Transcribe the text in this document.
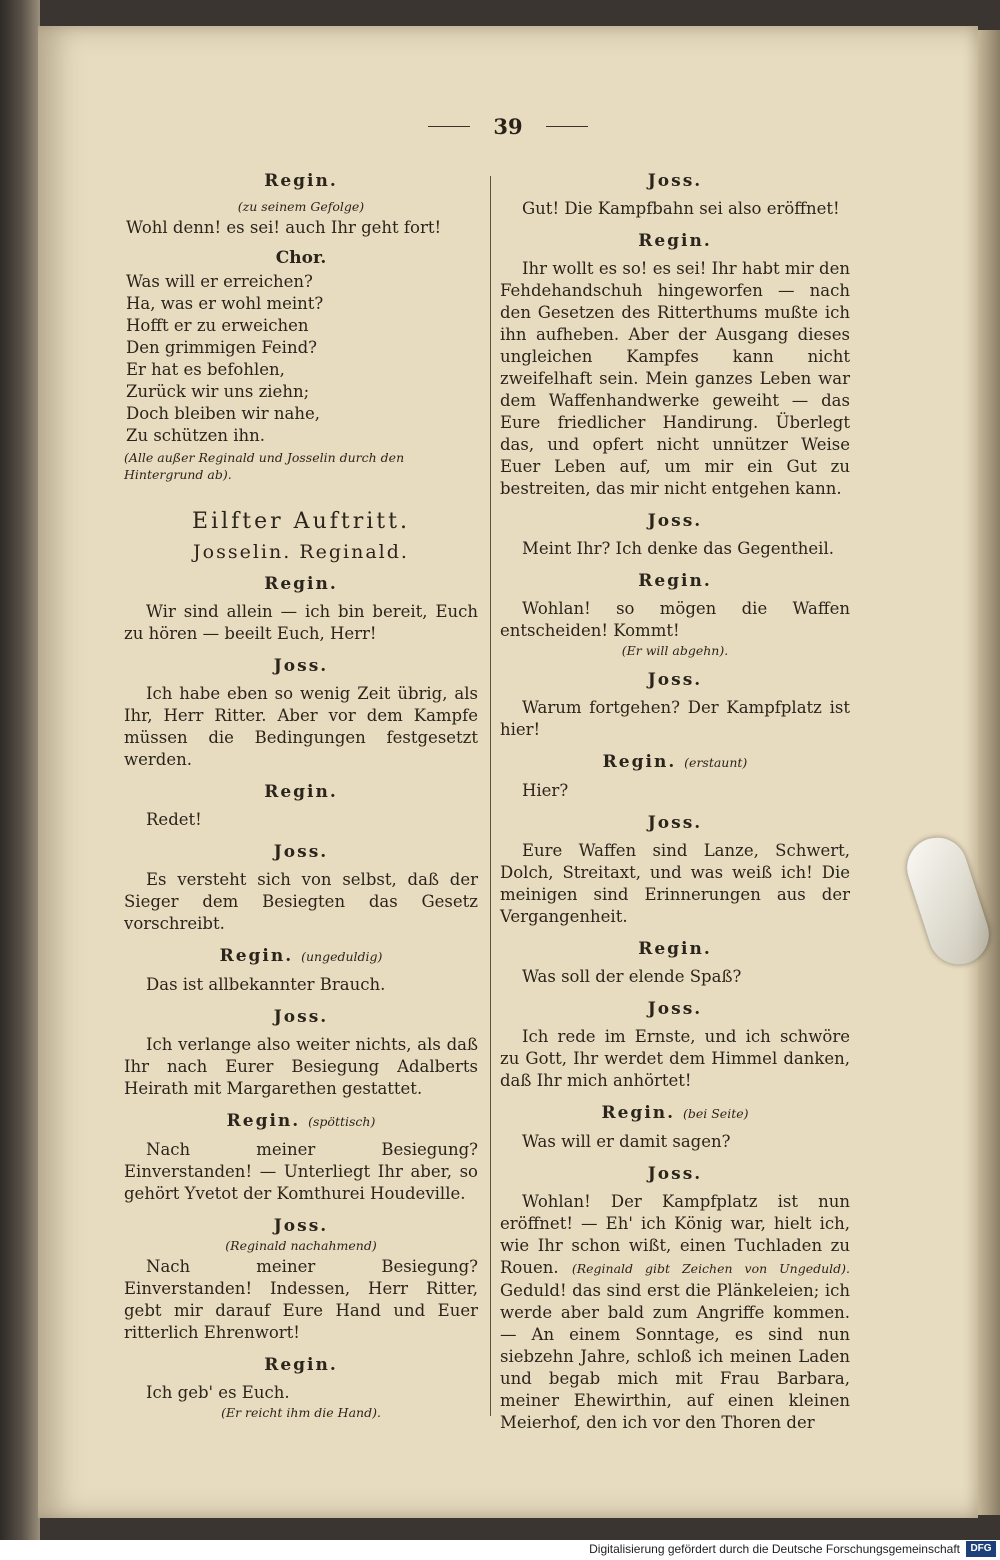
39
Regin.
(zu seinem Gefolge)
Wohl denn! es sei! auch Ihr geht fort!
Chor.
Was will er erreichen?
Ha, was er wohl meint?
Hofft er zu erweichen
Den grimmigen Feind?
Er hat es befohlen,
Zurück wir uns ziehn;
Doch bleiben wir nahe,
Zu schützen ihn.
(Alle außer Reginald und Josselin durch den Hintergrund ab).
Eilfter Auftritt.
Josselin. Reginald.
Regin.
Wir sind allein — ich bin bereit, Euch zu hören — beeilt Euch, Herr!
Joss.
Ich habe eben so wenig Zeit übrig, als Ihr, Herr Ritter. Aber vor dem Kampfe müssen die Bedingungen festgesetzt werden.
Regin.
Redet!
Joss.
Es versteht sich von selbst, daß der Sieger dem Besiegten das Gesetz vorschreibt.
Regin. (ungeduldig)
Das ist allbekannter Brauch.
Joss.
Ich verlange also weiter nichts, als daß Ihr nach Eurer Besiegung Adalberts Heirath mit Margarethen gestattet.
Regin. (spöttisch)
Nach meiner Besiegung? Einverstanden! — Unterliegt Ihr aber, so gehört Yvetot der Komthurei Houdeville.
Joss.
(Reginald nachahmend)
Nach meiner Besiegung? Einverstanden! Indessen, Herr Ritter, gebt mir darauf Eure Hand und Euer ritterlich Ehrenwort!
Regin.
Ich geb' es Euch.
(Er reicht ihm die Hand).
Joss.
Gut! Die Kampfbahn sei also eröffnet!
Regin.
Ihr wollt es so! es sei! Ihr habt mir den Fehdehandschuh hingeworfen — nach den Gesetzen des Ritterthums mußte ich ihn aufheben. Aber der Ausgang dieses ungleichen Kampfes kann nicht zweifelhaft sein. Mein ganzes Leben war dem Waffenhandwerke geweiht — das Eure friedlicher Handirung. Überlegt das, und opfert nicht unnützer Weise Euer Leben auf, um mir ein Gut zu bestreiten, das mir nicht entgehen kann.
Joss.
Meint Ihr? Ich denke das Gegentheil.
Regin.
Wohlan! so mögen die Waffen entscheiden! Kommt!
(Er will abgehn).
Joss.
Warum fortgehen? Der Kampfplatz ist hier!
Regin. (erstaunt)
Hier?
Joss.
Eure Waffen sind Lanze, Schwert, Dolch, Streitaxt, und was weiß ich! Die meinigen sind Erinnerungen aus der Vergangenheit.
Regin.
Was soll der elende Spaß?
Joss.
Ich rede im Ernste, und ich schwöre zu Gott, Ihr werdet dem Himmel danken, daß Ihr mich anhörtet!
Regin. (bei Seite)
Was will er damit sagen?
Joss.
Wohlan! Der Kampfplatz ist nun eröffnet! — Eh' ich König war, hielt ich, wie Ihr schon wißt, einen Tuchladen zu Rouen. (Reginald gibt Zeichen von Ungeduld). Geduld! das sind erst die Plänkeleien; ich werde aber bald zum Angriffe kommen. — An einem Sonntage, es sind nun siebzehn Jahre, schloß ich meinen Laden und begab mich mit Frau Barbara, meiner Ehewirthin, auf einen kleinen Meierhof, den ich vor den Thoren der
Digitalisierung gefördert durch die Deutsche Forschungsgemeinschaft	DFG
